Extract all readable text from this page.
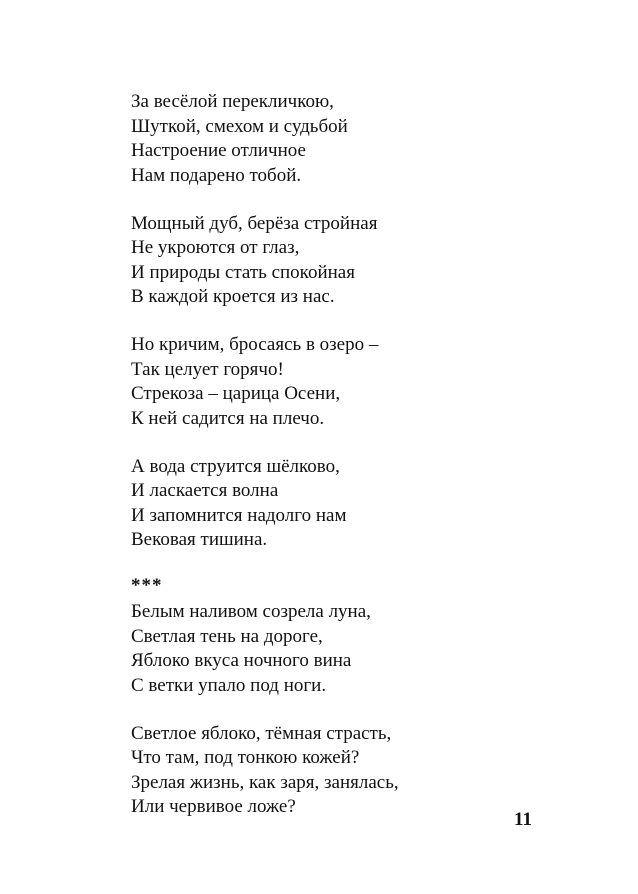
За весёлой перекличкою,
Шуткой, смехом и судьбой
Настроение отличное
Нам подарено тобой.
Мощный дуб, берёза стройная
Не укроются от глаз,
И природы стать спокойная
В каждой кроется из нас.
Но кричим, бросаясь в озеро –
Так целует горячо!
Стрекоза – царица Осени,
К ней садится на плечо.
А вода струится шёлково,
И ласкается волна
И запомнится надолго нам
Вековая тишина.
***
Белым наливом созрела луна,
Светлая тень на дороге,
Яблоко вкуса ночного вина
С ветки упало под ноги.
Светлое яблоко, тёмная страсть,
Что там, под тонкою кожей?
Зрелая жизнь, как заря, занялась,
Или червивое ложе?
11
